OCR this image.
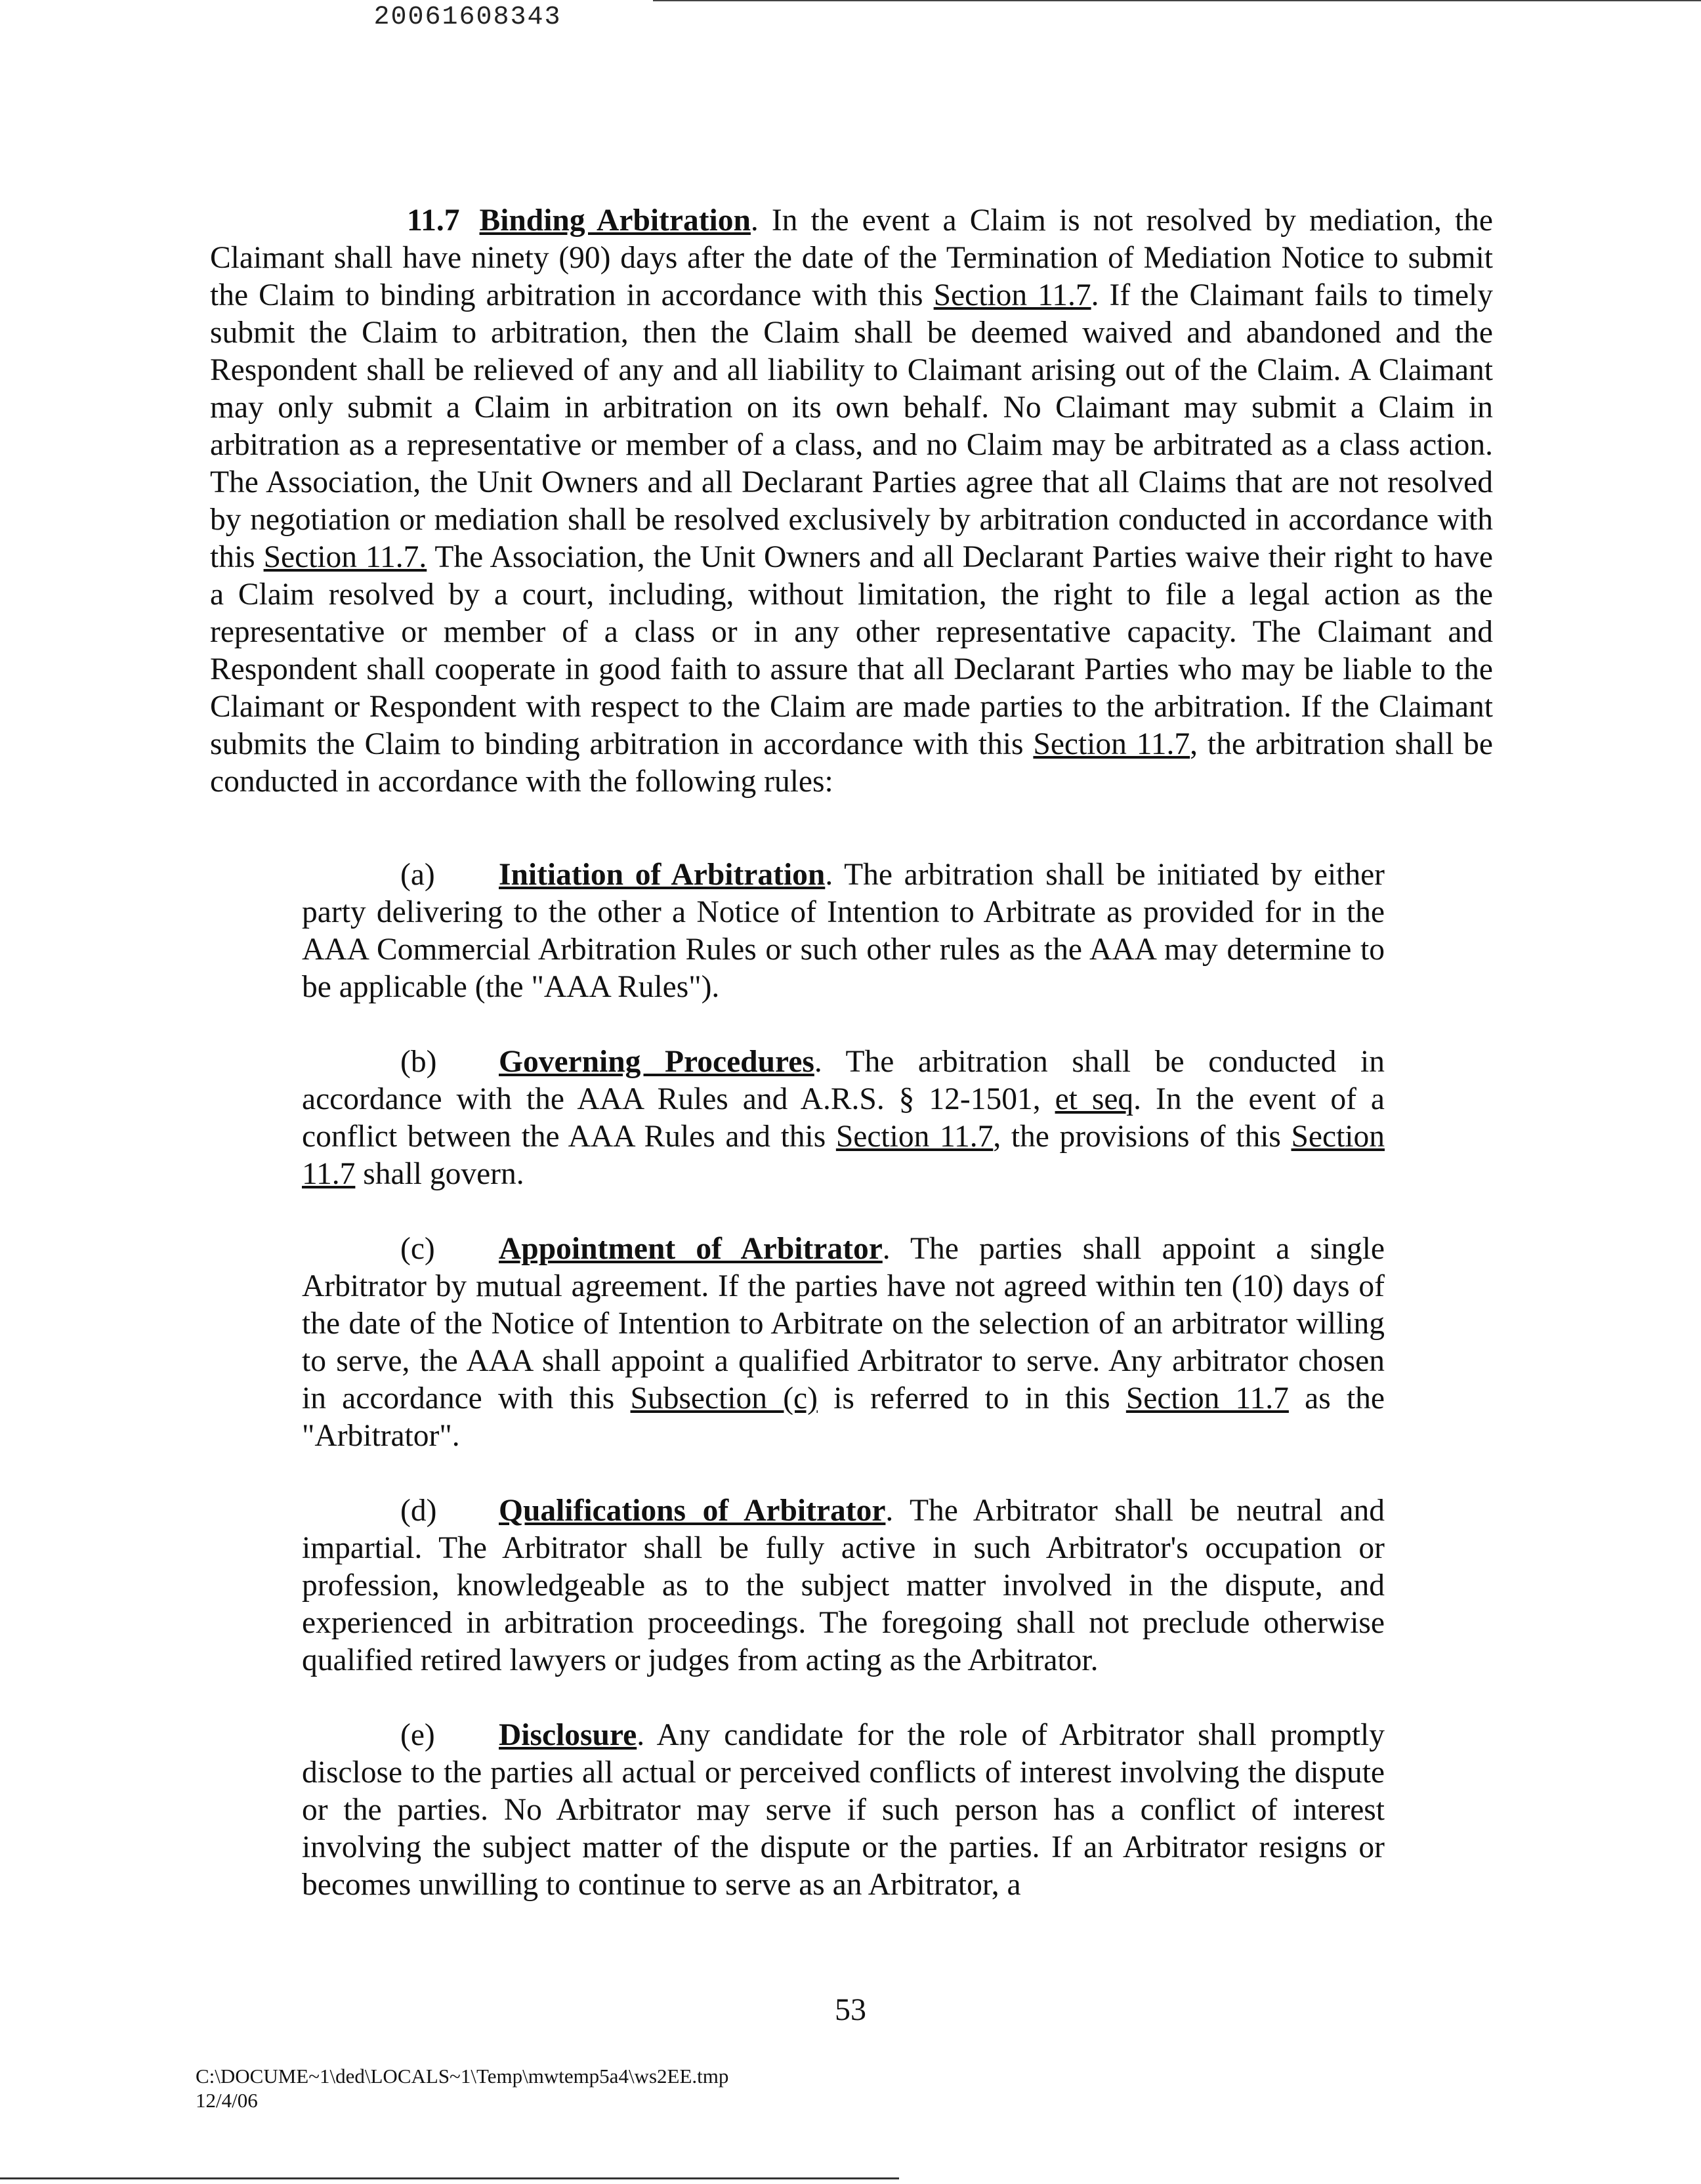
20061608343

11.7 Binding Arbitration. In the event a Claim is not resolved by mediation, the Claimant shall have ninety (90) days after the date of the Termination of Mediation Notice to submit the Claim to binding arbitration in accordance with this Section 11.7. If the Claimant fails to timely submit the Claim to arbitration, then the Claim shall be deemed waived and abandoned and the Respondent shall be relieved of any and all liability to Claimant arising out of the Claim. A Claimant may only submit a Claim in arbitration on its own behalf. No Claimant may submit a Claim in arbitration as a representative or member of a class, and no Claim may be arbitrated as a class action. The Association, the Unit Owners and all Declarant Parties agree that all Claims that are not resolved by negotiation or mediation shall be resolved exclusively by arbitration conducted in accordance with this Section 11.7. The Association, the Unit Owners and all Declarant Parties waive their right to have a Claim resolved by a court, including, without limitation, the right to file a legal action as the representative or member of a class or in any other representative capacity. The Claimant and Respondent shall cooperate in good faith to assure that all Declarant Parties who may be liable to the Claimant or Respondent with respect to the Claim are made parties to the arbitration. If the Claimant submits the Claim to binding arbitration in accordance with this Section 11.7, the arbitration shall be conducted in accordance with the following rules:

(a) Initiation of Arbitration. The arbitration shall be initiated by either party delivering to the other a Notice of Intention to Arbitrate as provided for in the AAA Commercial Arbitration Rules or such other rules as the AAA may determine to be applicable (the "AAA Rules").

(b) Governing Procedures. The arbitration shall be conducted in accordance with the AAA Rules and A.R.S. § 12-1501, et seq. In the event of a conflict between the AAA Rules and this Section 11.7, the provisions of this Section 11.7 shall govern.

(c) Appointment of Arbitrator. The parties shall appoint a single Arbitrator by mutual agreement. If the parties have not agreed within ten (10) days of the date of the Notice of Intention to Arbitrate on the selection of an arbitrator willing to serve, the AAA shall appoint a qualified Arbitrator to serve. Any arbitrator chosen in accordance with this Subsection (c) is referred to in this Section 11.7 as the "Arbitrator".

(d) Qualifications of Arbitrator. The Arbitrator shall be neutral and impartial. The Arbitrator shall be fully active in such Arbitrator's occupation or profession, knowledgeable as to the subject matter involved in the dispute, and experienced in arbitration proceedings. The foregoing shall not preclude otherwise qualified retired lawyers or judges from acting as the Arbitrator.

(e) Disclosure. Any candidate for the role of Arbitrator shall promptly disclose to the parties all actual or perceived conflicts of interest involving the dispute or the parties. No Arbitrator may serve if such person has a conflict of interest involving the subject matter of the dispute or the parties. If an Arbitrator resigns or becomes unwilling to continue to serve as an Arbitrator, a

53
C:\DOCUME~1\ded\LOCALS~1\Temp\mwtemp5a4\ws2EE.tmp
12/4/06
